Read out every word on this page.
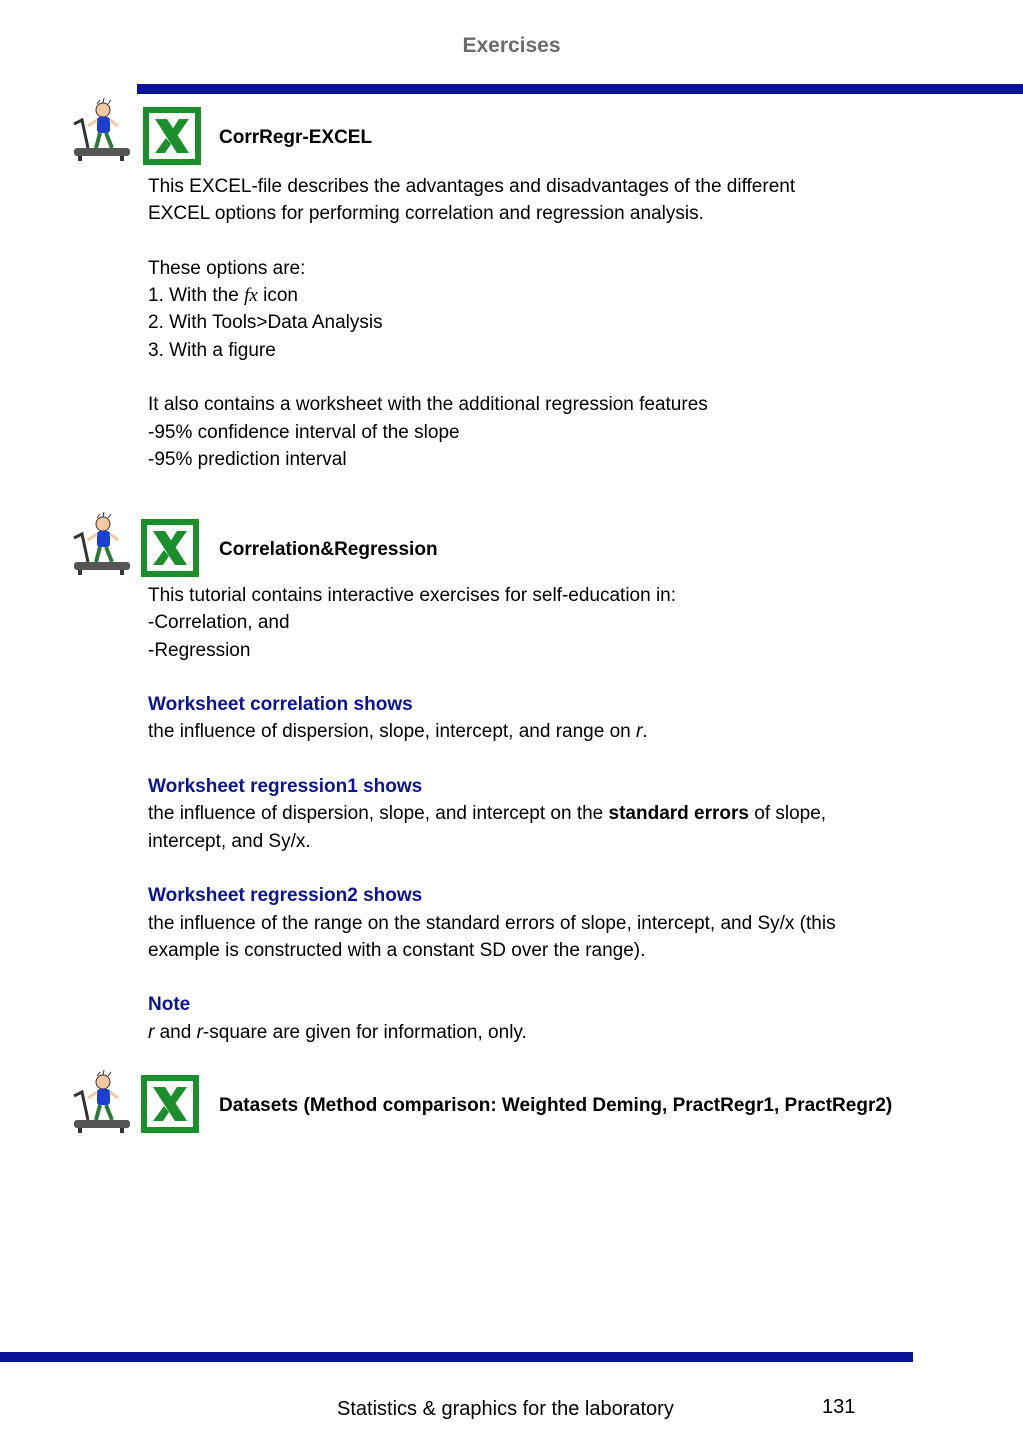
Exercises
CorrRegr-EXCEL

This EXCEL-file describes the advantages and disadvantages of the different

EXCEL options for performing correlation and regression analysis.

These options are:

1. With the fx icon

2. With Tools>Data Analysis

3. With a figure

It also contains a worksheet with the additional regression features

-95% confidence interval of the slope

-95% prediction interval

Correlation&Regression

This tutorial contains interactive exercises for self-education in:

-Correlation, and

-Regression

Worksheet correlation shows

the influence of dispersion, slope, intercept, and range on r.

Worksheet regression1 shows

the influence of dispersion, slope, and intercept on the standard errors of slope,

intercept, and Sy/x.

Worksheet regression2 shows

the influence of the range on the standard errors of slope, intercept, and Sy/x (this

example is constructed with a constant SD over the range).

Note

r and r-square are given for information, only.

Datasets (Method comparison: Weighted Deming, PractRegr1, PractRegr2)
Statistics & graphics for the laboratory	131
